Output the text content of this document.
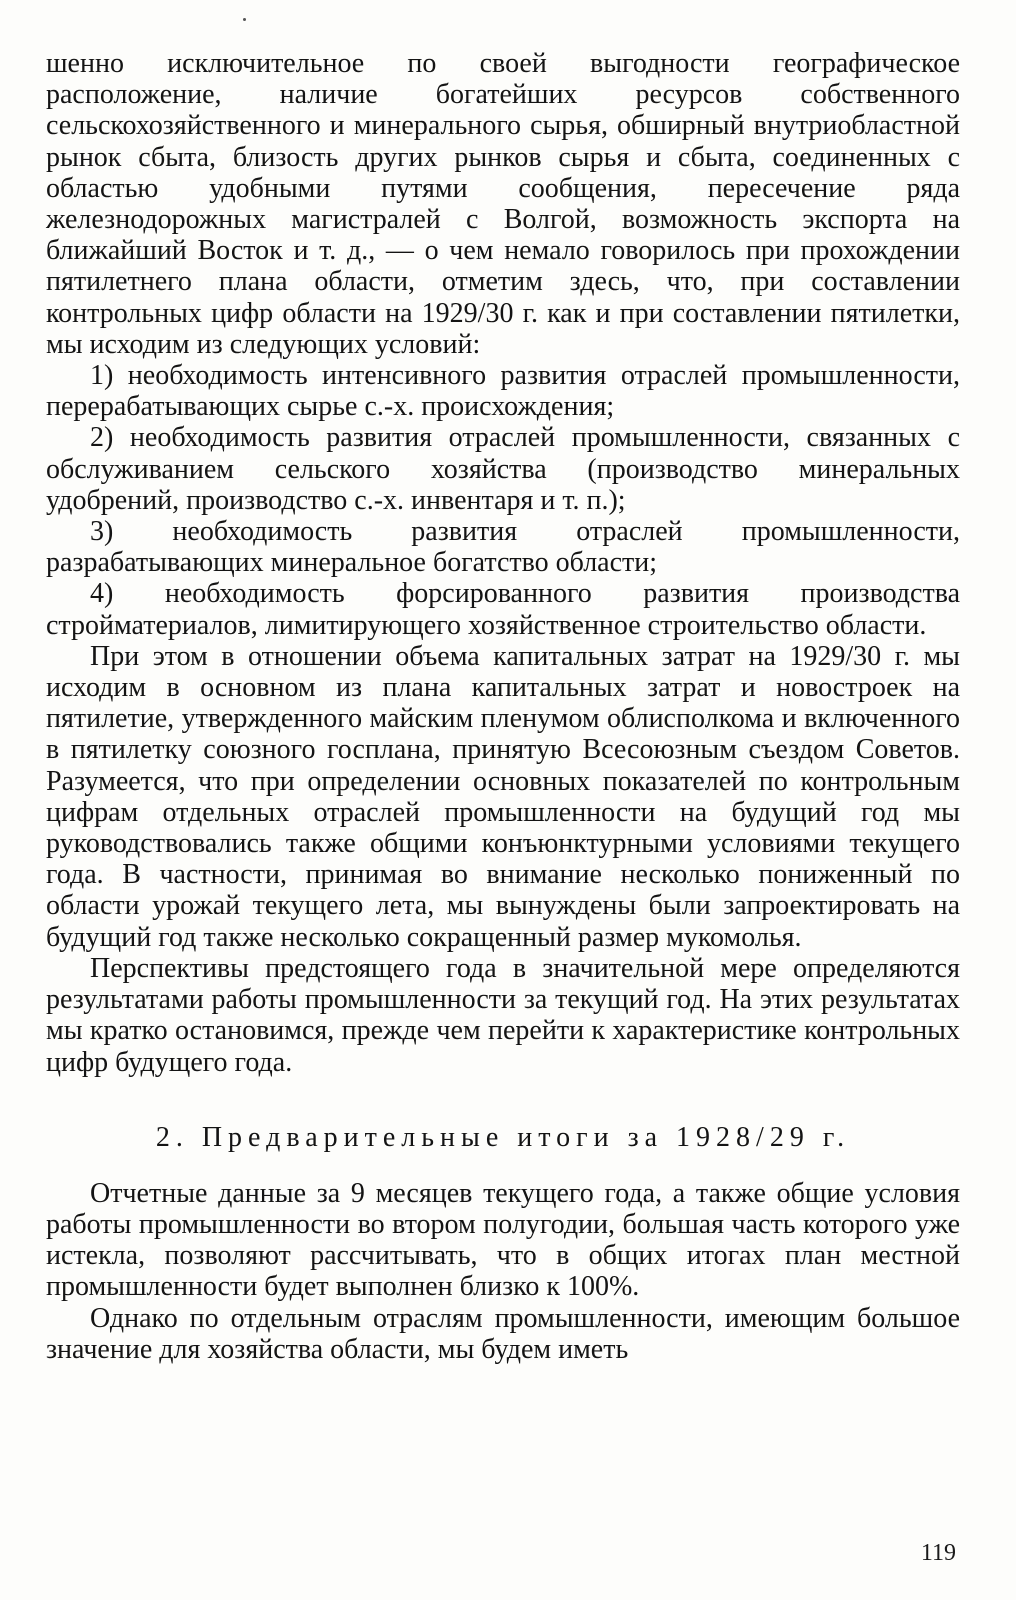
шенно исключительное по своей выгодности географическое расположение, наличие богатейших ресурсов собственного сельскохозяйственного и минерального сырья, обширный внутриобластной рынок сбыта, близость других рынков сырья и сбыта, соединенных с областью удобными путями сообщения, пересечение ряда железнодорожных магистралей с Волгой, возможность экспорта на ближайший Восток и т. д., — о чем немало говорилось при прохождении пятилетнего плана области, отметим здесь, что, при составлении контрольных цифр области на 1929/30 г. как и при составлении пятилетки, мы исходим из следующих условий:

1) необходимость интенсивного развития отраслей промышленности, перерабатывающих сырье с.-х. происхождения;

2) необходимость развития отраслей промышленности, связанных с обслуживанием сельского хозяйства (производство минеральных удобрений, производство с.-х. инвентаря и т. п.);

3) необходимость развития отраслей промышленности, разрабатывающих минеральное богатство области;

4) необходимость форсированного развития производства стройматериалов, лимитирующего хозяйственное строительство области.

При этом в отношении объема капитальных затрат на 1929/30 г. мы исходим в основном из плана капитальных затрат и новостроек на пятилетие, утвержденного майским пленумом облисполкома и включенного в пятилетку союзного госплана, принятую Всесоюзным съездом Советов. Разумеется, что при определении основных показателей по контрольным цифрам отдельных отраслей промышленности на будущий год мы руководствовались также общими конъюнктурными условиями текущего года. В частности, принимая во внимание несколько пониженный по области урожай текущего лета, мы вынуждены были запроектировать на будущий год также несколько сокращенный размер мукомолья.

Перспективы предстоящего года в значительной мере определяются результатами работы промышленности за текущий год. На этих результатах мы кратко остановимся, прежде чем перейти к характеристике контрольных цифр будущего года.

2. Предварительные итоги за 1928/29 г.

Отчетные данные за 9 месяцев текущего года, а также общие условия работы промышленности во втором полугодии, большая часть которого уже истекла, позволяют рассчитывать, что в общих итогах план местной промышленности будет выполнен близко к 100%.

Однако по отдельным отраслям промышленности, имеющим большое значение для хозяйства области, мы будем иметь

119
